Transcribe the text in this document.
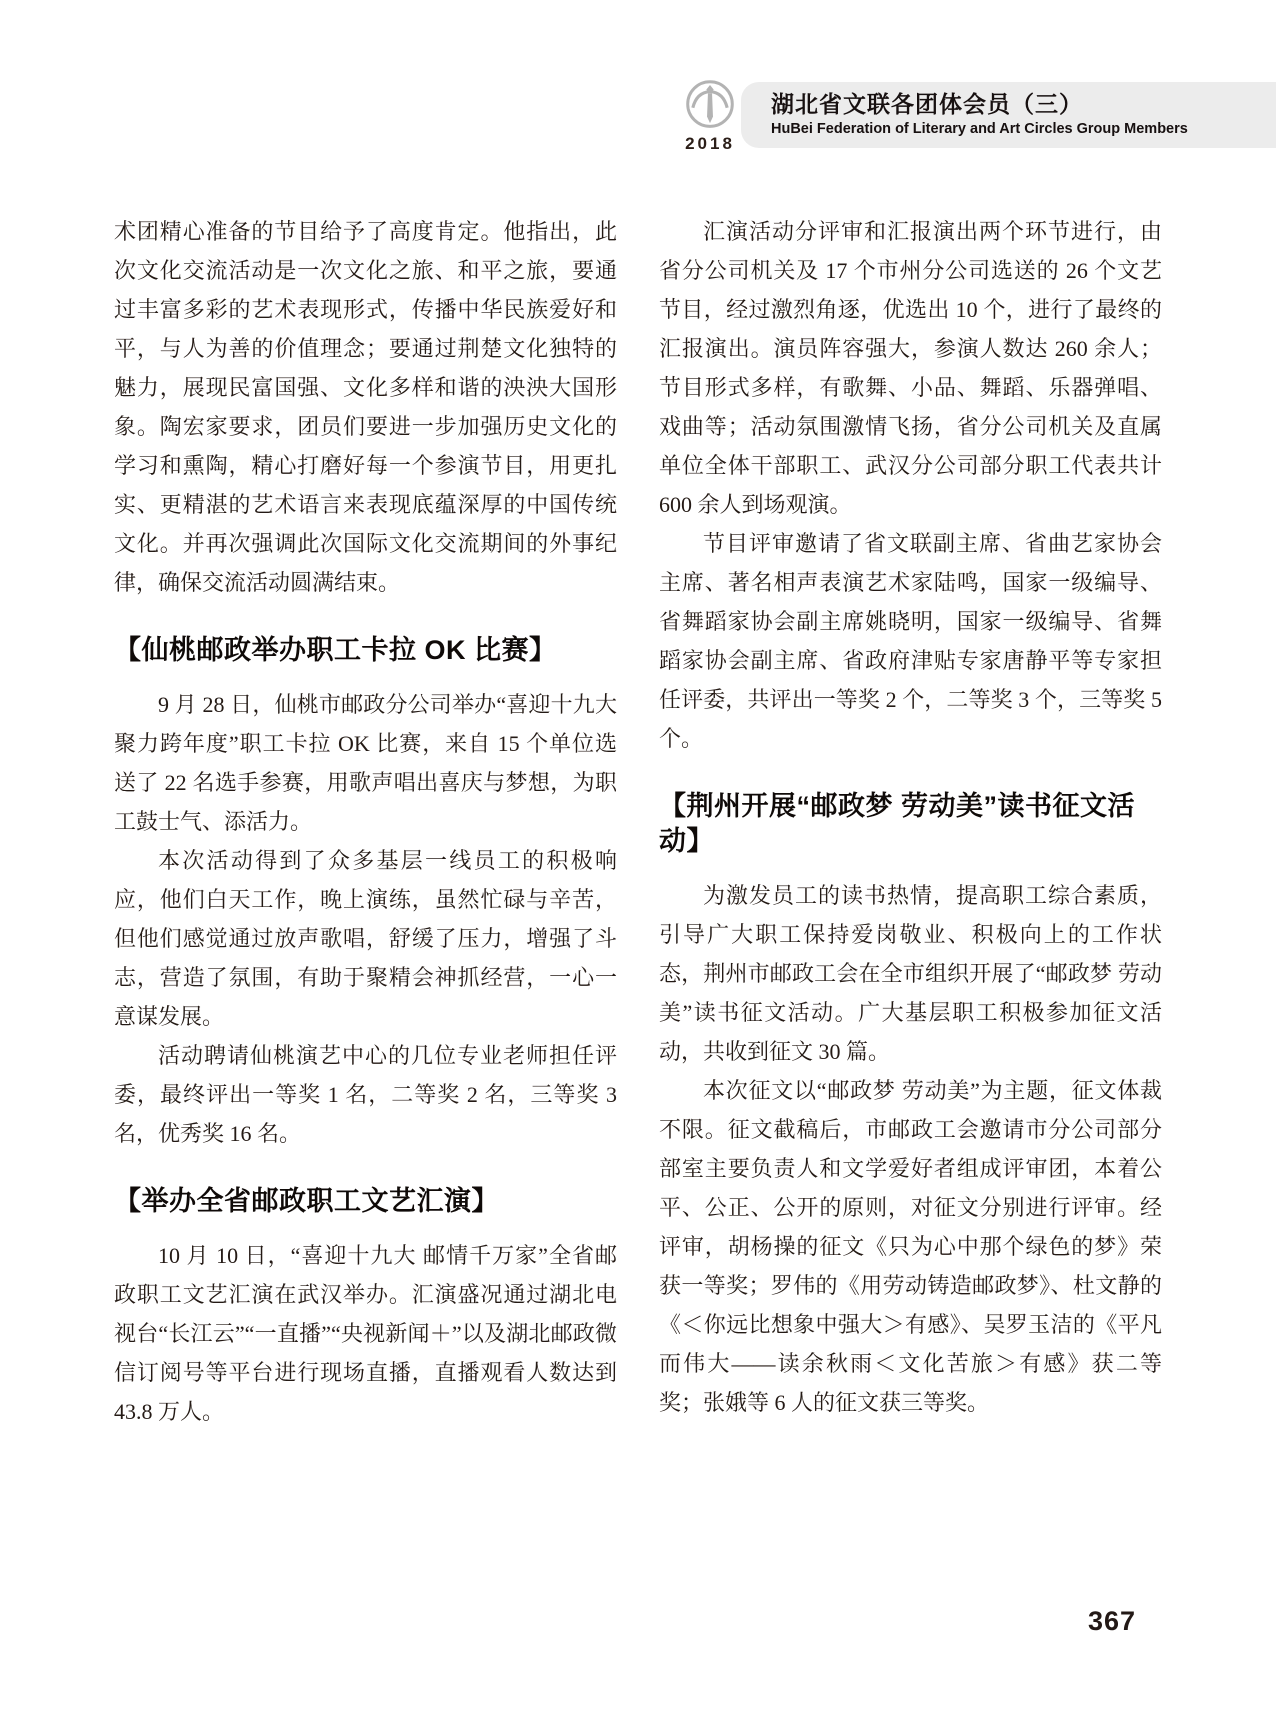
2018
湖北省文联各团体会员（三）
HuBei Federation of Literary and Art Circles Group Members

术团精心准备的节目给予了高度肯定。他指出，此次文化交流活动是一次文化之旅、和平之旅，要通过丰富多彩的艺术表现形式，传播中华民族爱好和平，与人为善的价值理念；要通过荆楚文化独特的魅力，展现民富国强、文化多样和谐的泱泱大国形象。陶宏家要求，团员们要进一步加强历史文化的学习和熏陶，精心打磨好每一个参演节目，用更扎实、更精湛的艺术语言来表现底蕴深厚的中国传统文化。并再次强调此次国际文化交流期间的外事纪律，确保交流活动圆满结束。

【仙桃邮政举办职工卡拉 OK 比赛】

9 月 28 日，仙桃市邮政分公司举办“喜迎十九大 聚力跨年度”职工卡拉 OK 比赛，来自 15 个单位选送了 22 名选手参赛，用歌声唱出喜庆与梦想，为职工鼓士气、添活力。

本次活动得到了众多基层一线员工的积极响应，他们白天工作，晚上演练，虽然忙碌与辛苦，但他们感觉通过放声歌唱，舒缓了压力，增强了斗志，营造了氛围，有助于聚精会神抓经营，一心一意谋发展。

活动聘请仙桃演艺中心的几位专业老师担任评委，最终评出一等奖 1 名，二等奖 2 名，三等奖 3 名，优秀奖 16 名。

【举办全省邮政职工文艺汇演】

10 月 10 日，“喜迎十九大 邮情千万家”全省邮政职工文艺汇演在武汉举办。汇演盛况通过湖北电视台“长江云”“一直播”“央视新闻＋”以及湖北邮政微信订阅号等平台进行现场直播，直播观看人数达到 43.8 万人。

汇演活动分评审和汇报演出两个环节进行，由省分公司机关及 17 个市州分公司选送的 26 个文艺节目，经过激烈角逐，优选出 10 个，进行了最终的汇报演出。演员阵容强大，参演人数达 260 余人；节目形式多样，有歌舞、小品、舞蹈、乐器弹唱、戏曲等；活动氛围激情飞扬，省分公司机关及直属单位全体干部职工、武汉分公司部分职工代表共计 600 余人到场观演。

节目评审邀请了省文联副主席、省曲艺家协会主席、著名相声表演艺术家陆鸣，国家一级编导、省舞蹈家协会副主席姚晓明，国家一级编导、省舞蹈家协会副主席、省政府津贴专家唐静平等专家担任评委，共评出一等奖 2 个，二等奖 3 个，三等奖 5 个。

【荆州开展“邮政梦 劳动美”读书征文活动】

为激发员工的读书热情，提高职工综合素质，引导广大职工保持爱岗敬业、积极向上的工作状态，荆州市邮政工会在全市组织开展了“邮政梦 劳动美”读书征文活动。广大基层职工积极参加征文活动，共收到征文 30 篇。

本次征文以“邮政梦 劳动美”为主题，征文体裁不限。征文截稿后，市邮政工会邀请市分公司部分部室主要负责人和文学爱好者组成评审团，本着公平、公正、公开的原则，对征文分别进行评审。经评审，胡杨操的征文《只为心中那个绿色的梦》荣获一等奖；罗伟的《用劳动铸造邮政梦》、杜文静的《＜你远比想象中强大＞有感》、吴罗玉洁的《平凡而伟大——读余秋雨＜文化苦旅＞有感》获二等奖；张娥等 6 人的征文获三等奖。

367
